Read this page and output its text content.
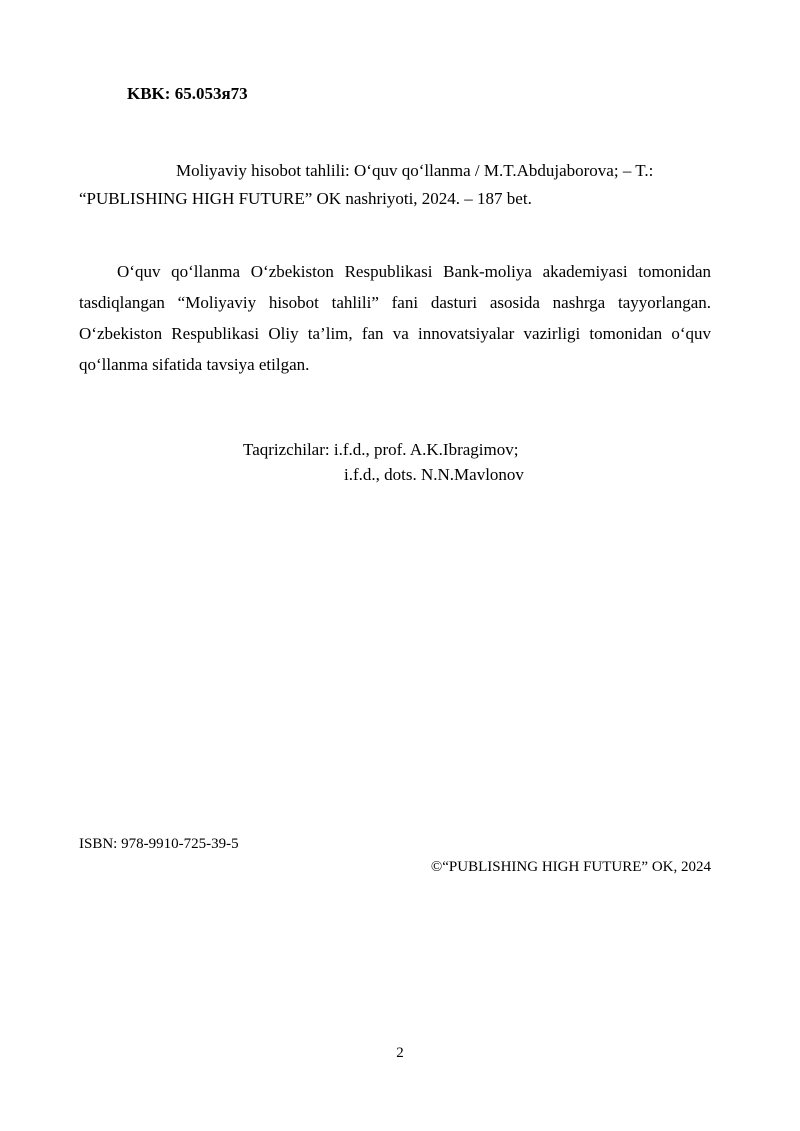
KBK: 65.053я73
Moliyaviy hisobot tahlili: O‘quv qo‘llanma / M.T.Abdujaborova; – T.:
“PUBLISHING HIGH FUTURE” OK nashriyoti, 2024. – 187 bet.

O‘quv qo‘llanma O‘zbekiston Respublikasi Bank-moliya akademiyasi tomonidan tasdiqlangan “Moliyaviy hisobot tahlili” fani dasturi asosida nashrga tayyorlangan. O‘zbekiston Respublikasi Oliy ta’lim, fan va innovatsiyalar vazirligi tomonidan o‘quv qo‘llanma sifatida tavsiya etilgan.

Taqrizchilar: i.f.d., prof. A.K.Ibragimov;
i.f.d., dots. N.N.Mavlonov
ISBN: 978-9910-725-39-5
©“PUBLISHING HIGH FUTURE” OK, 2024
2
